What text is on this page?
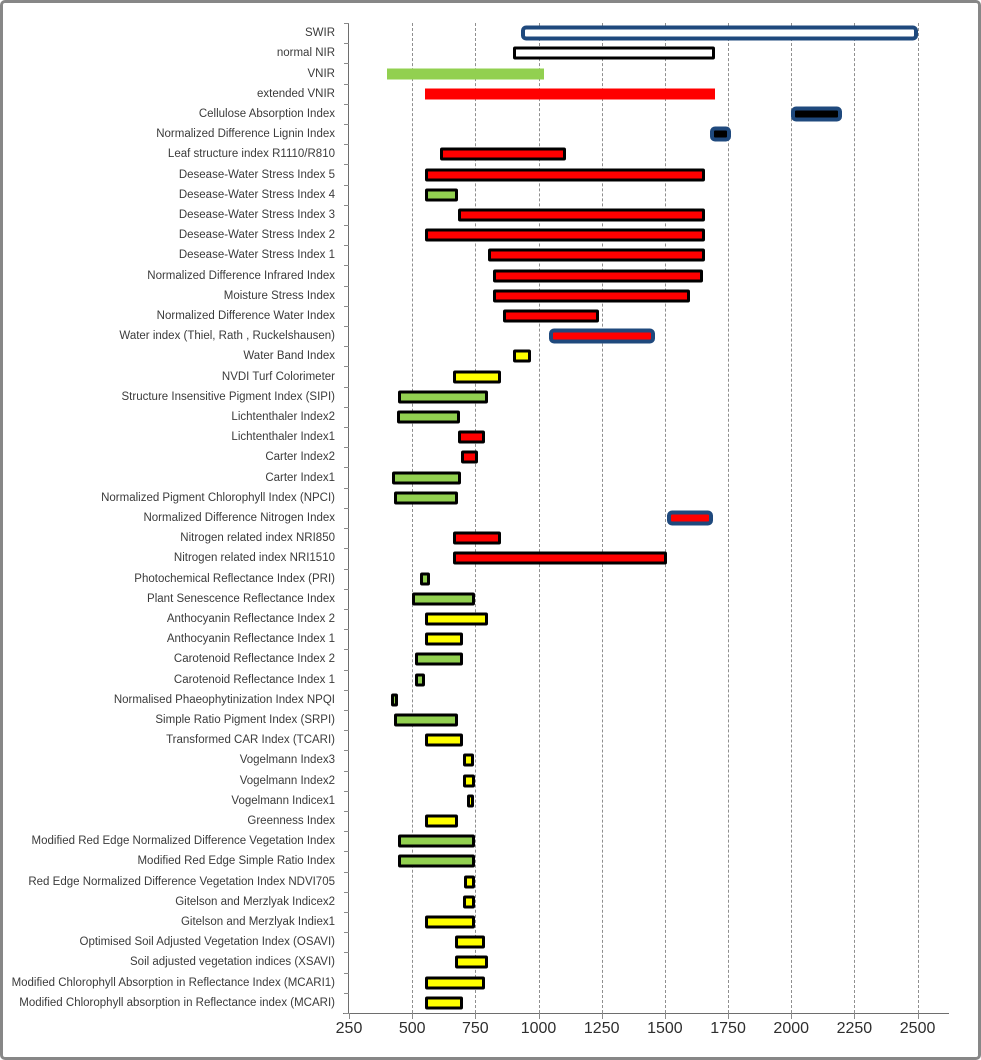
SWIR
normal NIR
VNIR
extended VNIR
Cellulose Absorption Index
Normalized Difference Lignin Index
Leaf structure index R1110/R810
Desease-Water Stress Index 5
Desease-Water Stress Index 4
Desease-Water Stress Index 3
Desease-Water Stress Index 2
Desease-Water Stress Index 1
Normalized Difference Infrared Index
Moisture Stress Index
Normalized Difference Water Index
Water index (Thiel, Rath , Ruckelshausen)
Water Band Index
NVDI Turf Colorimeter
Structure Insensitive Pigment Index (SIPI)
Lichtenthaler Index2
Lichtenthaler Index1
Carter Index2
Carter Index1
Normalized Pigment Chlorophyll Index (NPCI)
Normalized Difference Nitrogen Index
Nitrogen related index NRI850
Nitrogen related index NRI1510
Photochemical Reflectance Index (PRI)
Plant Senescence Reflectance Index
Anthocyanin Reflectance Index 2
Anthocyanin Reflectance Index 1
Carotenoid Reflectance Index 2
Carotenoid Reflectance Index 1
Normalised Phaeophytinization Index NPQI
Simple Ratio Pigment Index (SRPI)
Transformed CAR Index (TCARI)
Vogelmann Index3
Vogelmann Index2
Vogelmann Indicex1
Greenness Index
Modified Red Edge Normalized Difference Vegetation Index
Modified Red Edge Simple Ratio Index
Red Edge Normalized Difference Vegetation Index NDVI705
Gitelson and Merzlyak Indicex2
Gitelson and Merzlyak Indiex1
Optimised Soil Adjusted Vegetation Index (OSAVI)
Soil adjusted vegetation indices (XSAVI)
Modified Chlorophyll Absorption in Reflectance Index (MCARI1)
Modified Chlorophyll absorption in Reflectance index (MCARI)
250	500	750	1000	1250	1500	1750	2000	2250	2500
